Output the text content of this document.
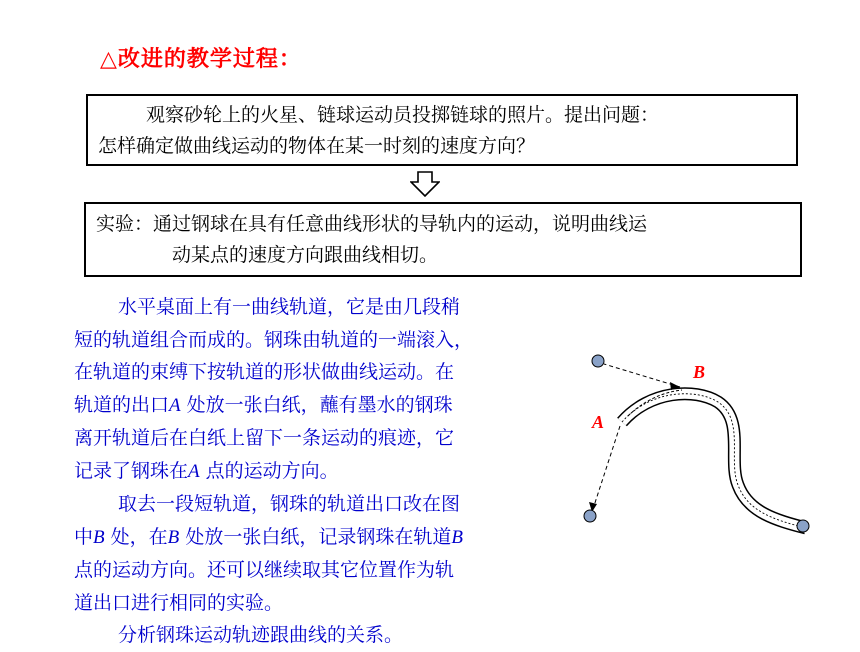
△改进的教学过程：
观察砂轮上的火星、链球运动员投掷链球的照片。提出问题：
怎样确定做曲线运动的物体在某一时刻的速度方向？
实验：通过钢球在具有任意曲线形状的导轨内的运动，说明曲线运
动某点的速度方向跟曲线相切。

水平桌面上有一曲线轨道，它是由几段稍

短的轨道组合而成的。钢珠由轨道的一端滚入，

在轨道的束缚下按轨道的形状做曲线运动。在

轨道的出口A 处放一张白纸，蘸有墨水的钢珠

离开轨道后在白纸上留下一条运动的痕迹，它

记录了钢珠在A 点的运动方向。

取去一段短轨道，钢珠的轨道出口改在图

中B 处，在B 处放一张白纸，记录钢珠在轨道B

点的运动方向。还可以继续取其它位置作为轨

道出口进行相同的实验。

分析钢珠运动轨迹跟曲线的关系。

B
A
